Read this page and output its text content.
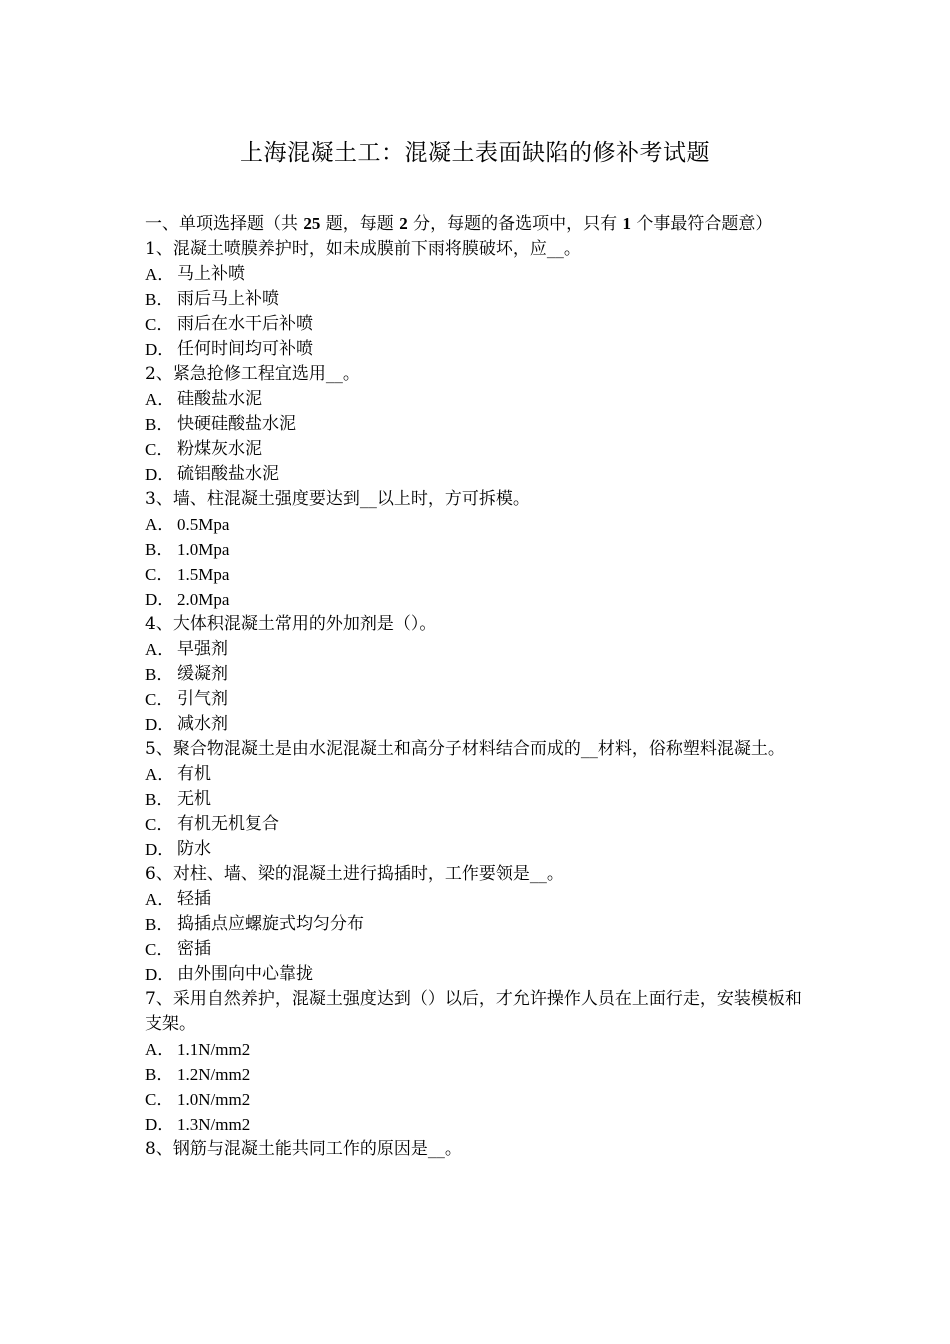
上海混凝土工：混凝土表面缺陷的修补考试题

一、单项选择题（共 25 题，每题 2 分，每题的备选项中，只有 1 个事最符合题意）

1、混凝土喷膜养护时，如未成膜前下雨将膜破坏，应__。

A． 马上补喷

B． 雨后马上补喷

C． 雨后在水干后补喷

D． 任何时间均可补喷

2、紧急抢修工程宜选用__。

A． 硅酸盐水泥

B． 快硬硅酸盐水泥

C． 粉煤灰水泥

D． 硫铝酸盐水泥

3、墙、柱混凝土强度要达到__以上时，方可拆模。

A． 0.5Mpa

B． 1.0Mpa

C． 1.5Mpa

D． 2.0Mpa

4、大体积混凝土常用的外加剂是（）。

A． 早强剂

B． 缓凝剂

C． 引气剂

D． 减水剂

5、聚合物混凝土是由水泥混凝土和高分子材料结合而成的__材料，俗称塑料混凝土。

A． 有机

B． 无机

C． 有机无机复合

D． 防水

6、对柱、墙、梁的混凝土进行捣插时，工作要领是__。

A． 轻插

B． 捣插点应螺旋式均匀分布

C． 密插

D． 由外围向中心靠拢

7、采用自然养护，混凝土强度达到（）以后，才允许操作人员在上面行走，安装模板和支架。

A． 1.1N/mm2

B． 1.2N/mm2

C． 1.0N/mm2

D． 1.3N/mm2

8、钢筋与混凝土能共同工作的原因是__。
